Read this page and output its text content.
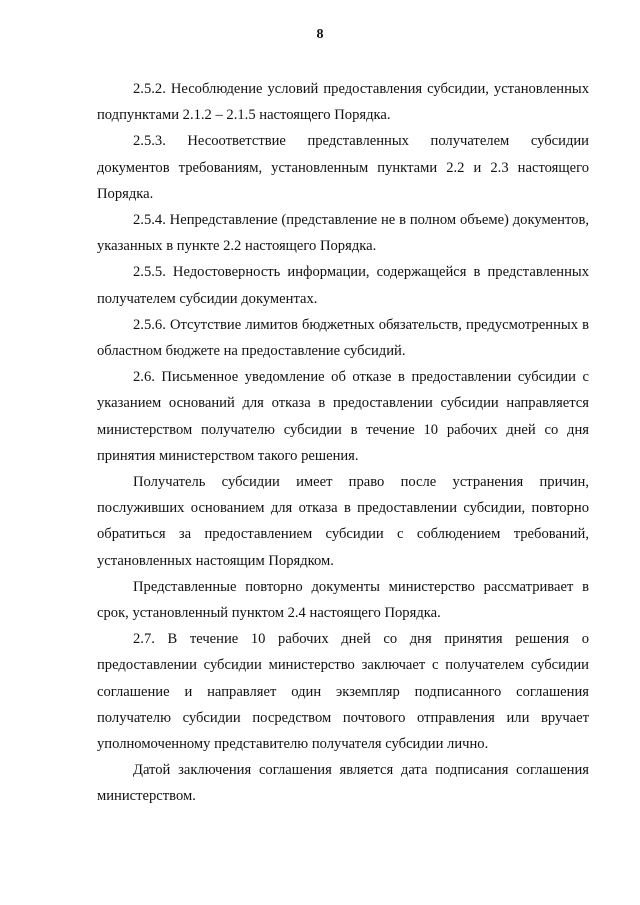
8

2.5.2. Несоблюдение условий предоставления субсидии, установленных подпунктами 2.1.2 – 2.1.5 настоящего Порядка.

2.5.3. Несоответствие представленных получателем субсидии документов требованиям, установленным пунктами 2.2 и 2.3 настоящего Порядка.

2.5.4. Непредставление (представление не в полном объеме) документов, указанных в пункте 2.2 настоящего Порядка.

2.5.5. Недостоверность информации, содержащейся в представленных получателем субсидии документах.

2.5.6. Отсутствие лимитов бюджетных обязательств, предусмотренных в областном бюджете на предоставление субсидий.

2.6. Письменное уведомление об отказе в предоставлении субсидии с указанием оснований для отказа в предоставлении субсидии направляется министерством получателю субсидии в течение 10 рабочих дней со дня принятия министерством такого решения.

Получатель субсидии имеет право после устранения причин, послуживших основанием для отказа в предоставлении субсидии, повторно обратиться за предоставлением субсидии с соблюдением требований, установленных настоящим Порядком.

Представленные повторно документы министерство рассматривает в срок, установленный пунктом 2.4 настоящего Порядка.

2.7. В течение 10 рабочих дней со дня принятия решения о предоставлении субсидии министерство заключает с получателем субсидии соглашение и направляет один экземпляр подписанного соглашения получателю субсидии посредством почтового отправления или вручает уполномоченному представителю получателя субсидии лично.

Датой заключения соглашения является дата подписания соглашения министерством.
